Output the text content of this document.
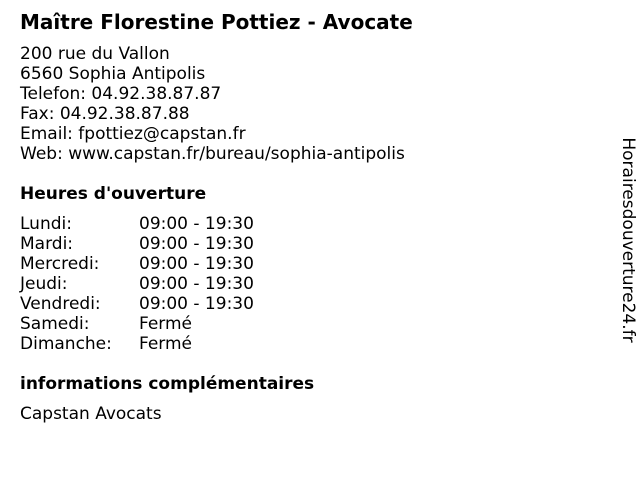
Maître Florestine Pottiez - Avocate
200 rue du Vallon
6560 Sophia Antipolis
Telefon: 04.92.38.87.87
Fax: 04.92.38.87.88
Email: fpottiez@capstan.fr
Web: www.capstan.fr/bureau/sophia-antipolis
Heures d'ouverture
Lundi:	09:00 - 19:30
Mardi:	09:00 - 19:30
Mercredi: 09:00 - 19:30
Jeudi:	09:00 - 19:30
Vendredi: 09:00 - 19:30
Samedi:	Fermé
Dimanche: Fermé
informations complémentaires
Capstan Avocats
Horairesdouverture24.fr
